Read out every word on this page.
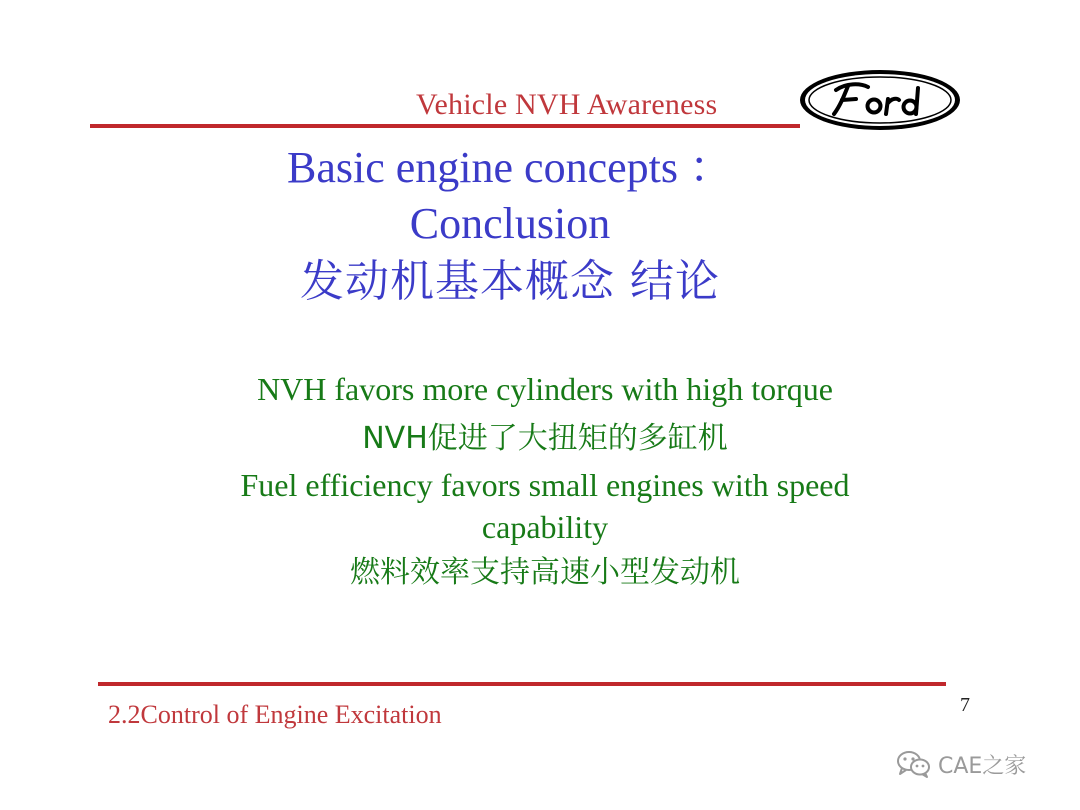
Vehicle NVH Awareness
Basic engine concepts ：
Conclusion
发动机基本概念 结论
NVH favors more cylinders with high torque
NVH促进了大扭矩的多缸机
Fuel efficiency favors small engines with speed
capability
燃料效率支持高速小型发动机
2.2Control of Engine Excitation	7
CAE之家
